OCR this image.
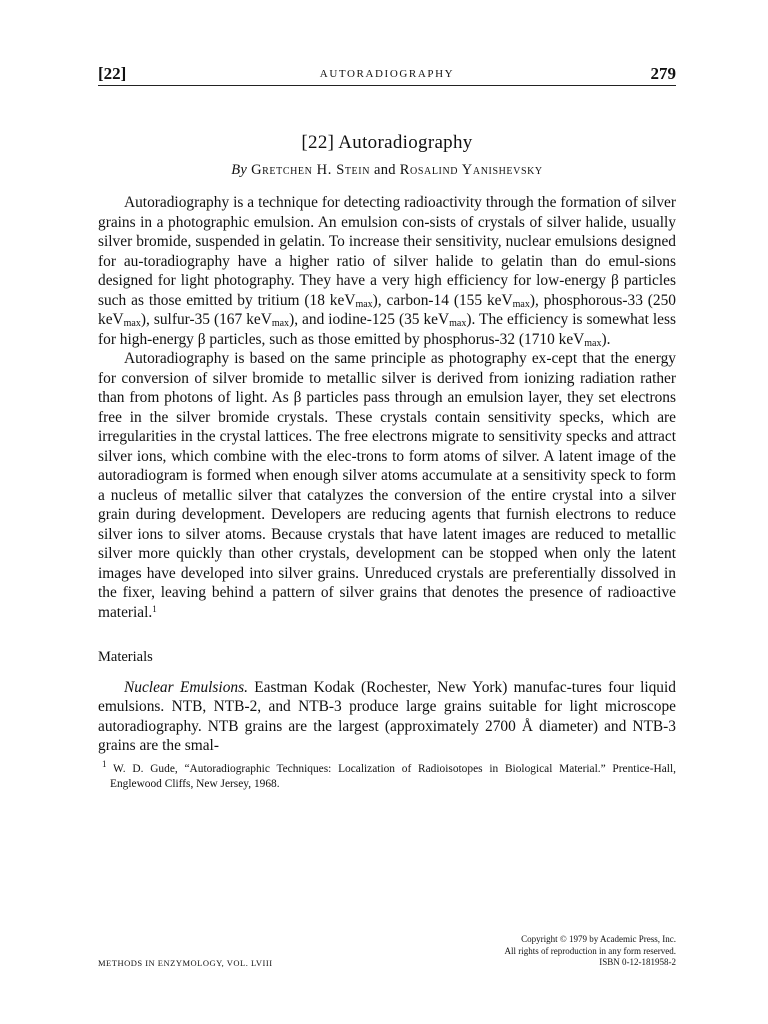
[22]	AUTORADIOGRAPHY	279
[22] Autoradiography
By Gretchen H. Stein and Rosalind Yanishevsky

Autoradiography is a technique for detecting radioactivity through the formation of silver grains in a photographic emulsion. An emulsion con-sists of crystals of silver halide, usually silver bromide, suspended in gelatin. To increase their sensitivity, nuclear emulsions designed for au-toradiography have a higher ratio of silver halide to gelatin than do emul-sions designed for light photography. They have a very high efficiency for low-energy β particles such as those emitted by tritium (18 keV$_{max}$), carbon-14 (155 keV$_{max}$), phosphorous-33 (250 keV$_{max}$), sulfur-35 (167 keV$_{max}$), and iodine-125 (35 keV$_{max}$). The efficiency is somewhat less for high-energy β particles, such as those emitted by phosphorus-32 (1710 keV$_{max}$).

Autoradiography is based on the same principle as photography ex-cept that the energy for conversion of silver bromide to metallic silver is derived from ionizing radiation rather than from photons of light. As β particles pass through an emulsion layer, they set electrons free in the silver bromide crystals. These crystals contain sensitivity specks, which are irregularities in the crystal lattices. The free electrons migrate to sensitivity specks and attract silver ions, which combine with the elec-trons to form atoms of silver. A latent image of the autoradiogram is formed when enough silver atoms accumulate at a sensitivity speck to form a nucleus of metallic silver that catalyzes the conversion of the entire crystal into a silver grain during development. Developers are reducing agents that furnish electrons to reduce silver ions to silver atoms. Because crystals that have latent images are reduced to metallic silver more quickly than other crystals, development can be stopped when only the latent images have developed into silver grains. Unreduced crystals are preferentially dissolved in the fixer, leaving behind a pattern of silver grains that denotes the presence of radioactive material.$^1$

Materials

Nuclear Emulsions. Eastman Kodak (Rochester, New York) manufac-tures four liquid emulsions. NTB, NTB-2, and NTB-3 produce large grains suitable for light microscope autoradiography. NTB grains are the largest (approximately 2700 Å diameter) and NTB-3 grains are the smal-

$^1$ W. D. Gude, “Autoradiographic Techniques: Localization of Radioisotopes in Biological Material.” Prentice-Hall, Englewood Cliffs, New Jersey, 1968.
METHODS IN ENZYMOLOGY, VOL. LVIII
Copyright © 1979 by Academic Press, Inc.
All rights of reproduction in any form reserved.
ISBN 0-12-181958-2
